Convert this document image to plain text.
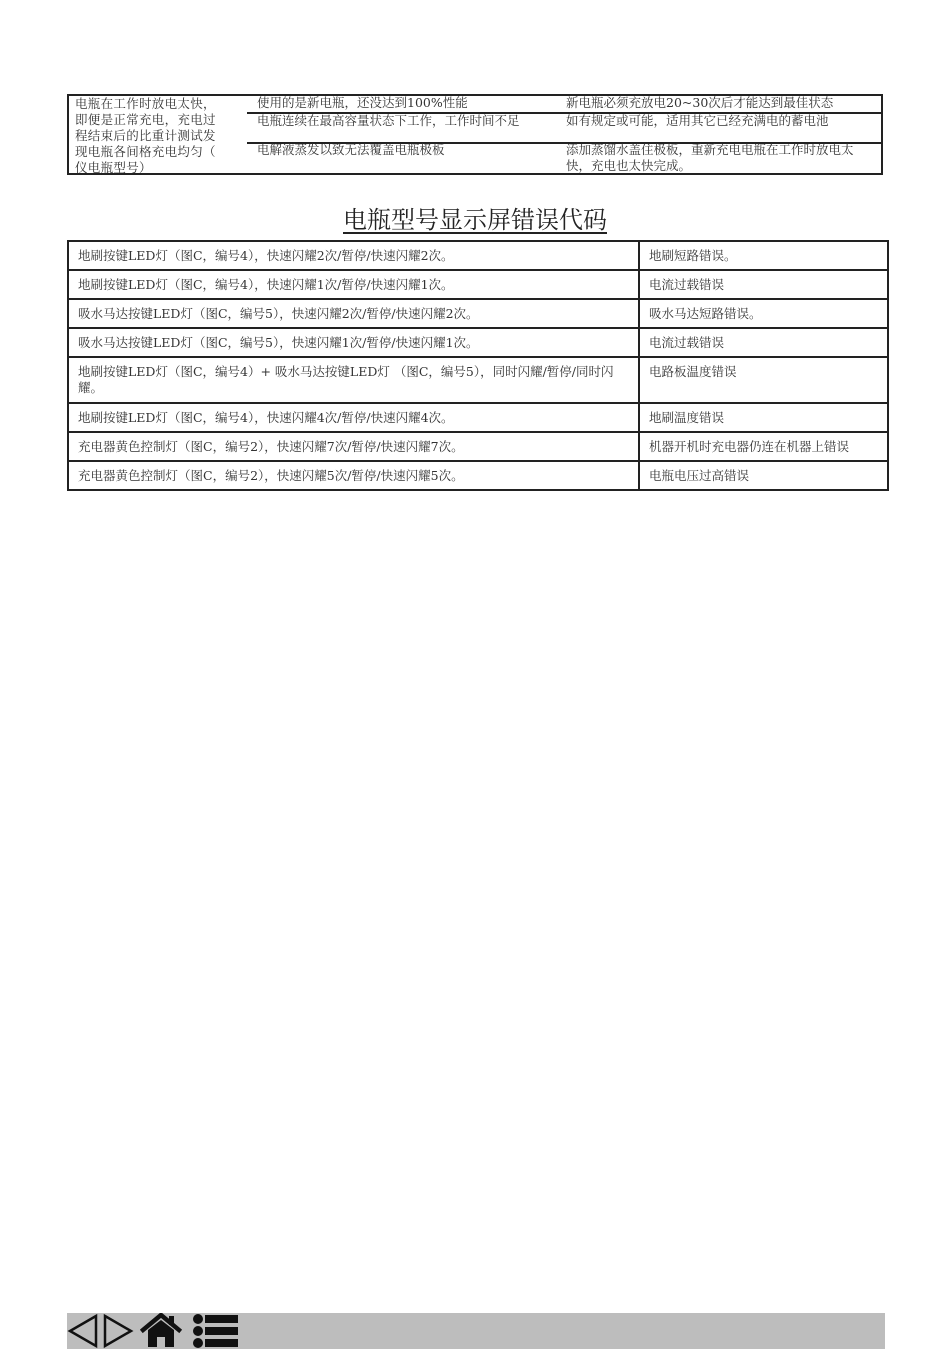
电瓶在工作时放电太快，
即便是正常充电，充电过
程结束后的比重计测试发
现电瓶各间格充电均匀（
仪电瓶型号）
使用的是新电瓶，还没达到100%性能	新电瓶必须充放电20~30次后才能达到最佳状态
电瓶连续在最高容量状态下工作，工作时间不足	如有规定或可能，适用其它已经充满电的蓄电池
电解液蒸发以致无法覆盖电瓶极板	添加蒸馏水盖住极板，重新充电电瓶在工作时放电太快，充电也太快完成。
电瓶型号显示屏错误代码
地刷按键LED灯（图C，编号4），快速闪耀2次/暂停/快速闪耀2次。	地刷短路错误。
地刷按键LED灯（图C，编号4），快速闪耀1次/暂停/快速闪耀1次。	电流过载错误
吸水马达按键LED灯（图C，编号5），快速闪耀2次/暂停/快速闪耀2次。	吸水马达短路错误。
吸水马达按键LED灯（图C，编号5），快速闪耀1次/暂停/快速闪耀1次。	电流过载错误
地刷按键LED灯（图C，编号4）+ 吸水马达按键LED灯 （图C，编号5），同时闪耀/暂停/同时闪耀。	电路板温度错误
地刷按键LED灯（图C，编号4），快速闪耀4次/暂停/快速闪耀4次。	地刷温度错误
充电器黄色控制灯（图C，编号2），快速闪耀7次/暂停/快速闪耀7次。	机器开机时充电器仍连在机器上错误
充电器黄色控制灯（图C，编号2），快速闪耀5次/暂停/快速闪耀5次。	电瓶电压过高错误
